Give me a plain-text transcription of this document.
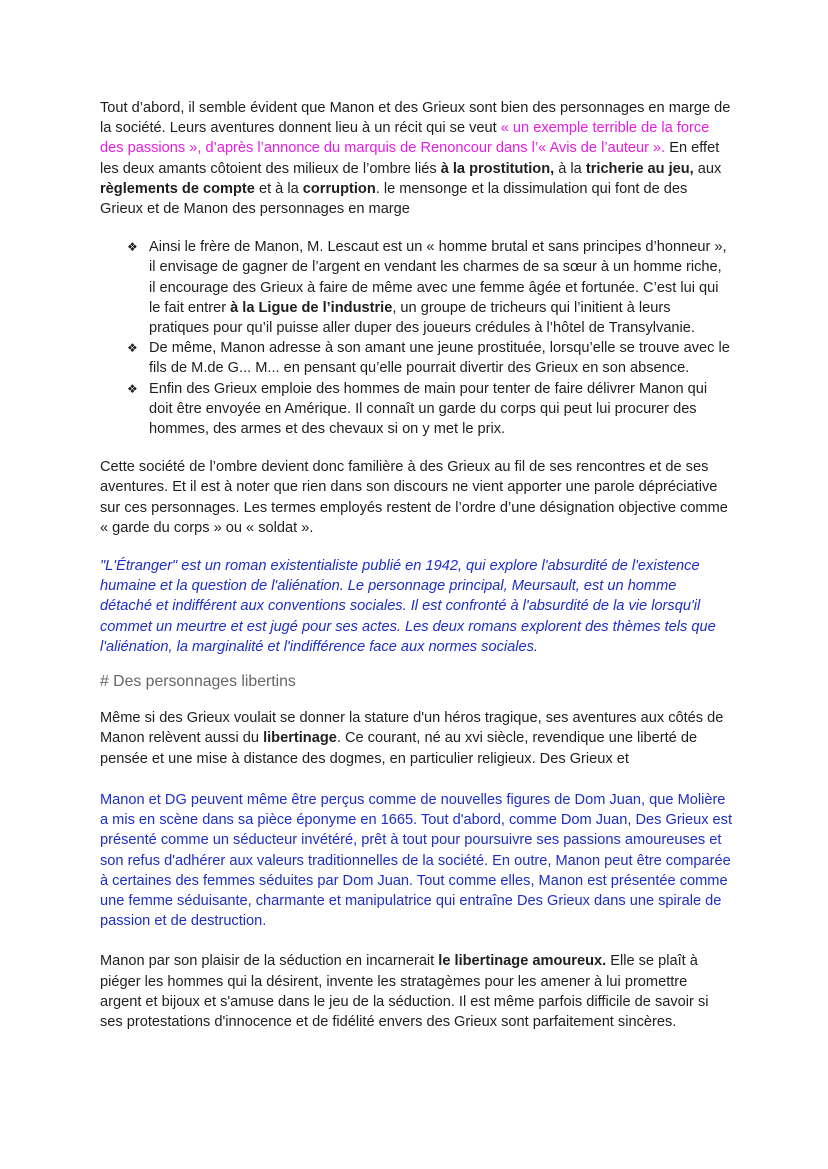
Tout d’abord, il semble évident que Manon et des Grieux sont bien des personnages en marge de la société. Leurs aventures donnent lieu à un récit qui se veut « un exemple terrible de la force des passions », d’après l’annonce du marquis de Renoncour dans l’« Avis de l’auteur ». En effet les deux amants côtoient des milieux de l’ombre liés à la prostitution, à la tricherie au jeu, aux règlements de compte et à la corruption. le mensonge et la dissimulation qui font de des Grieux et de Manon des personnages en marge

❖ Ainsi le frère de Manon, M. Lescaut est un « homme brutal et sans principes d’honneur », il envisage de gagner de l’argent en vendant les charmes de sa sœur à un homme riche, il encourage des Grieux à faire de même avec une femme âgée et fortunée. C’est lui qui le fait entrer à la Ligue de l’industrie, un groupe de tricheurs qui l’initient à leurs pratiques pour qu’il puisse aller duper des joueurs crédules à l’hôtel de Transylvanie.
❖ De même, Manon adresse à son amant une jeune prostituée, lorsqu’elle se trouve avec le fils de M.de G... M... en pensant qu’elle pourrait divertir des Grieux en son absence.
❖ Enfin des Grieux emploie des hommes de main pour tenter de faire délivrer Manon qui doit être envoyée en Amérique. Il connaît un garde du corps qui peut lui procurer des hommes, des armes et des chevaux si on y met le prix.

Cette société de l’ombre devient donc familière à des Grieux au fil de ses rencontres et de ses aventures. Et il est à noter que rien dans son discours ne vient apporter une parole dépréciative sur ces personnages. Les termes employés restent de l’ordre d’une désignation objective comme « garde du corps » ou « soldat ».

"L'Étranger" est un roman existentialiste publié en 1942, qui explore l'absurdité de l'existence humaine et la question de l'aliénation. Le personnage principal, Meursault, est un homme détaché et indifférent aux conventions sociales. Il est confronté à l'absurdité de la vie lorsqu'il commet un meurtre et est jugé pour ses actes. Les deux romans explorent des thèmes tels que l'aliénation, la marginalité et l'indifférence face aux normes sociales.

# Des personnages libertins

Même si des Grieux voulait se donner la stature d'un héros tragique, ses aventures aux côtés de Manon relèvent aussi du libertinage. Ce courant, né au xvi siècle, revendique une liberté de pensée et une mise à distance des dogmes, en particulier religieux. Des Grieux et

Manon et DG peuvent même être perçus comme de nouvelles figures de Dom Juan, que Molière a mis en scène dans sa pièce éponyme en 1665. Tout d'abord, comme Dom Juan, Des Grieux est présenté comme un séducteur invétéré, prêt à tout pour poursuivre ses passions amoureuses et son refus d'adhérer aux valeurs traditionnelles de la société. En outre, Manon peut être comparée à certaines des femmes séduites par Dom Juan. Tout comme elles, Manon est présentée comme une femme séduisante, charmante et manipulatrice qui entraîne Des Grieux dans une spirale de passion et de destruction.

Manon par son plaisir de la séduction en incarnerait le libertinage amoureux. Elle se plaît à piéger les hommes qui la désirent, invente les stratagèmes pour les amener à lui promettre argent et bijoux et s'amuse dans le jeu de la séduction. Il est même parfois difficile de savoir si ses protestations d'innocence et de fidélité envers des Grieux sont parfaitement sincères.
